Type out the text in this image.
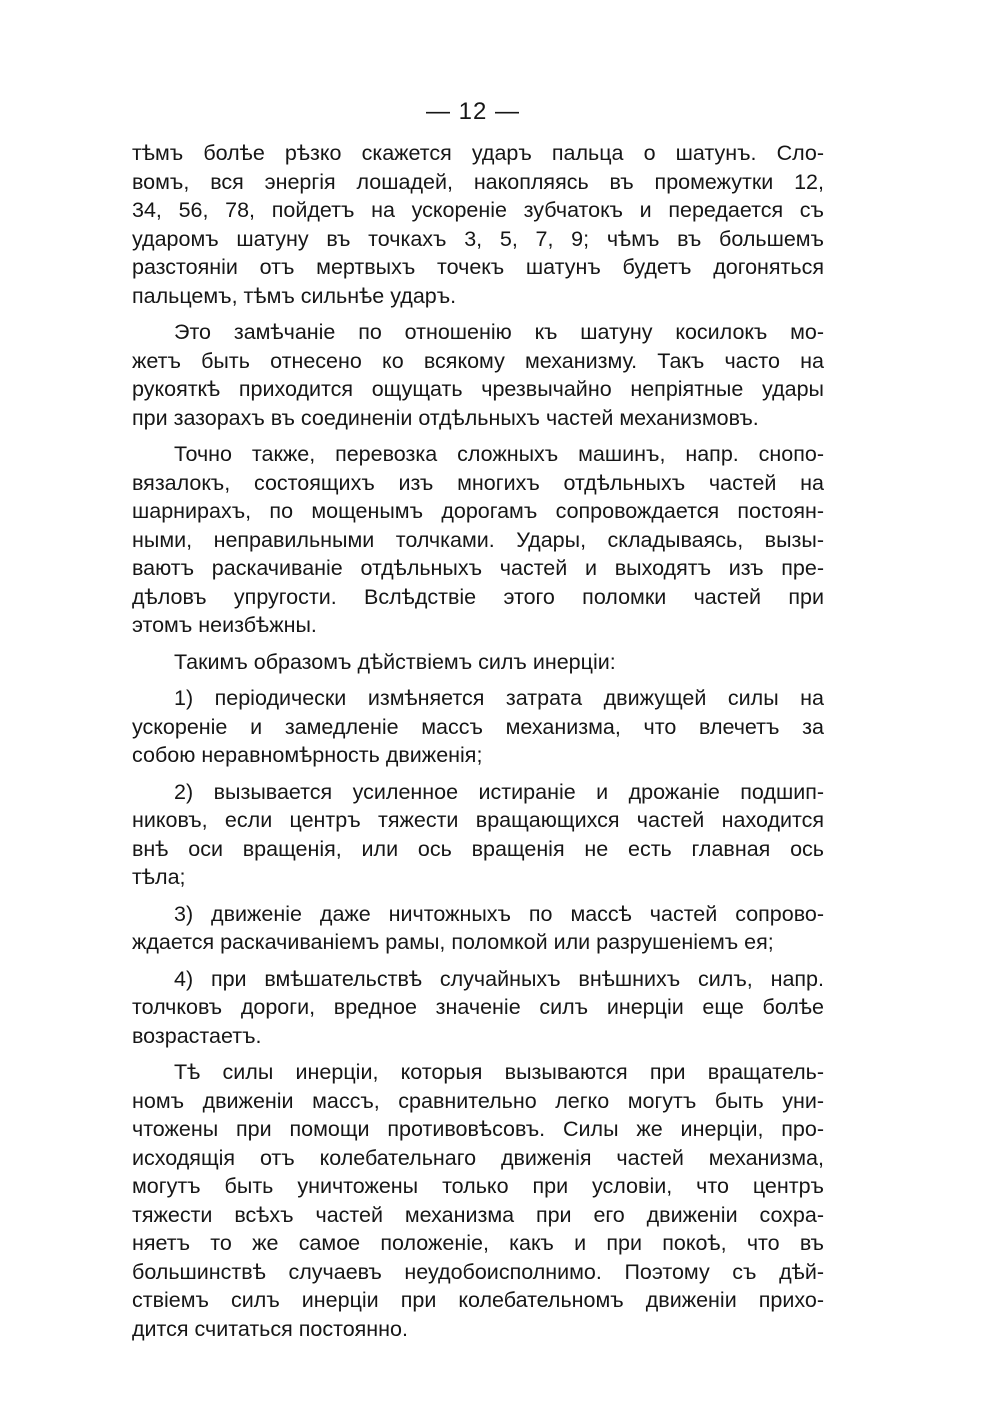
— 12 —
тѣмъ болѣе рѣзко скажется ударъ пальца о шатунъ. Сло-
вомъ, вся энергія лошадей, накопляясь въ промежутки 12,
34, 56, 78, пойдетъ на ускореніе зубчатокъ и передается съ
ударомъ шатуну въ точкахъ 3, 5, 7, 9; чѣмъ въ большемъ
разстояніи отъ мертвыхъ точекъ шатунъ будетъ догоняться
пальцемъ, тѣмъ сильнѣе ударъ.
Это замѣчаніе по отношенію къ шатуну косилокъ мо-
жетъ быть отнесено ко всякому механизму. Такъ часто на
рукояткѣ приходится ощущать чрезвычайно непріятные удары
при зазорахъ въ соединеніи отдѣльныхъ частей механизмовъ.
Точно также, перевозка сложныхъ машинъ, напр. снопо-
вязалокъ, состоящихъ изъ многихъ отдѣльныхъ частей на
шарнирахъ, по мощенымъ дорогамъ сопровождается постоян-
ными, неправильными толчками. Удары, складываясь, вызы-
ваютъ раскачиваніе отдѣльныхъ частей и выходятъ изъ пре-
дѣловъ упругости. Вслѣдствіе этого поломки частей при
этомъ неизбѣжны.
Такимъ образомъ дѣйствіемъ силъ инерціи:
1) періодически измѣняется затрата движущей силы на
ускореніе и замедленіе массъ механизма, что влечетъ за
собою неравномѣрность движенія;
2) вызывается усиленное истираніе и дрожаніе подшип-
никовъ, если центръ тяжести вращающихся частей находится
внѣ оси вращенія, или ось вращенія не есть главная ось
тѣла;
3) движеніе даже ничтожныхъ по массѣ частей сопрово-
ждается раскачиваніемъ рамы, поломкой или разрушеніемъ ея;
4) при вмѣшательствѣ случайныхъ внѣшнихъ силъ, напр.
толчковъ дороги, вредное значеніе силъ инерціи еще болѣе
возрастаетъ.
Тѣ силы инерціи, которыя вызываются при вращатель-
номъ движеніи массъ, сравнительно легко могутъ быть уни-
чтожены при помощи противовѣсовъ. Силы же инерціи, про-
исходящія отъ колебательнаго движенія частей механизма,
могутъ быть уничтожены только при условіи, что центръ
тяжести всѣхъ частей механизма при его движеніи сохра-
няетъ то же самое положеніе, какъ и при покоѣ, что въ
большинствѣ случаевъ неудобоисполнимо. Поэтому съ дѣй-
ствіемъ силъ инерціи при колебательномъ движеніи прихо-
дится считаться постоянно.
